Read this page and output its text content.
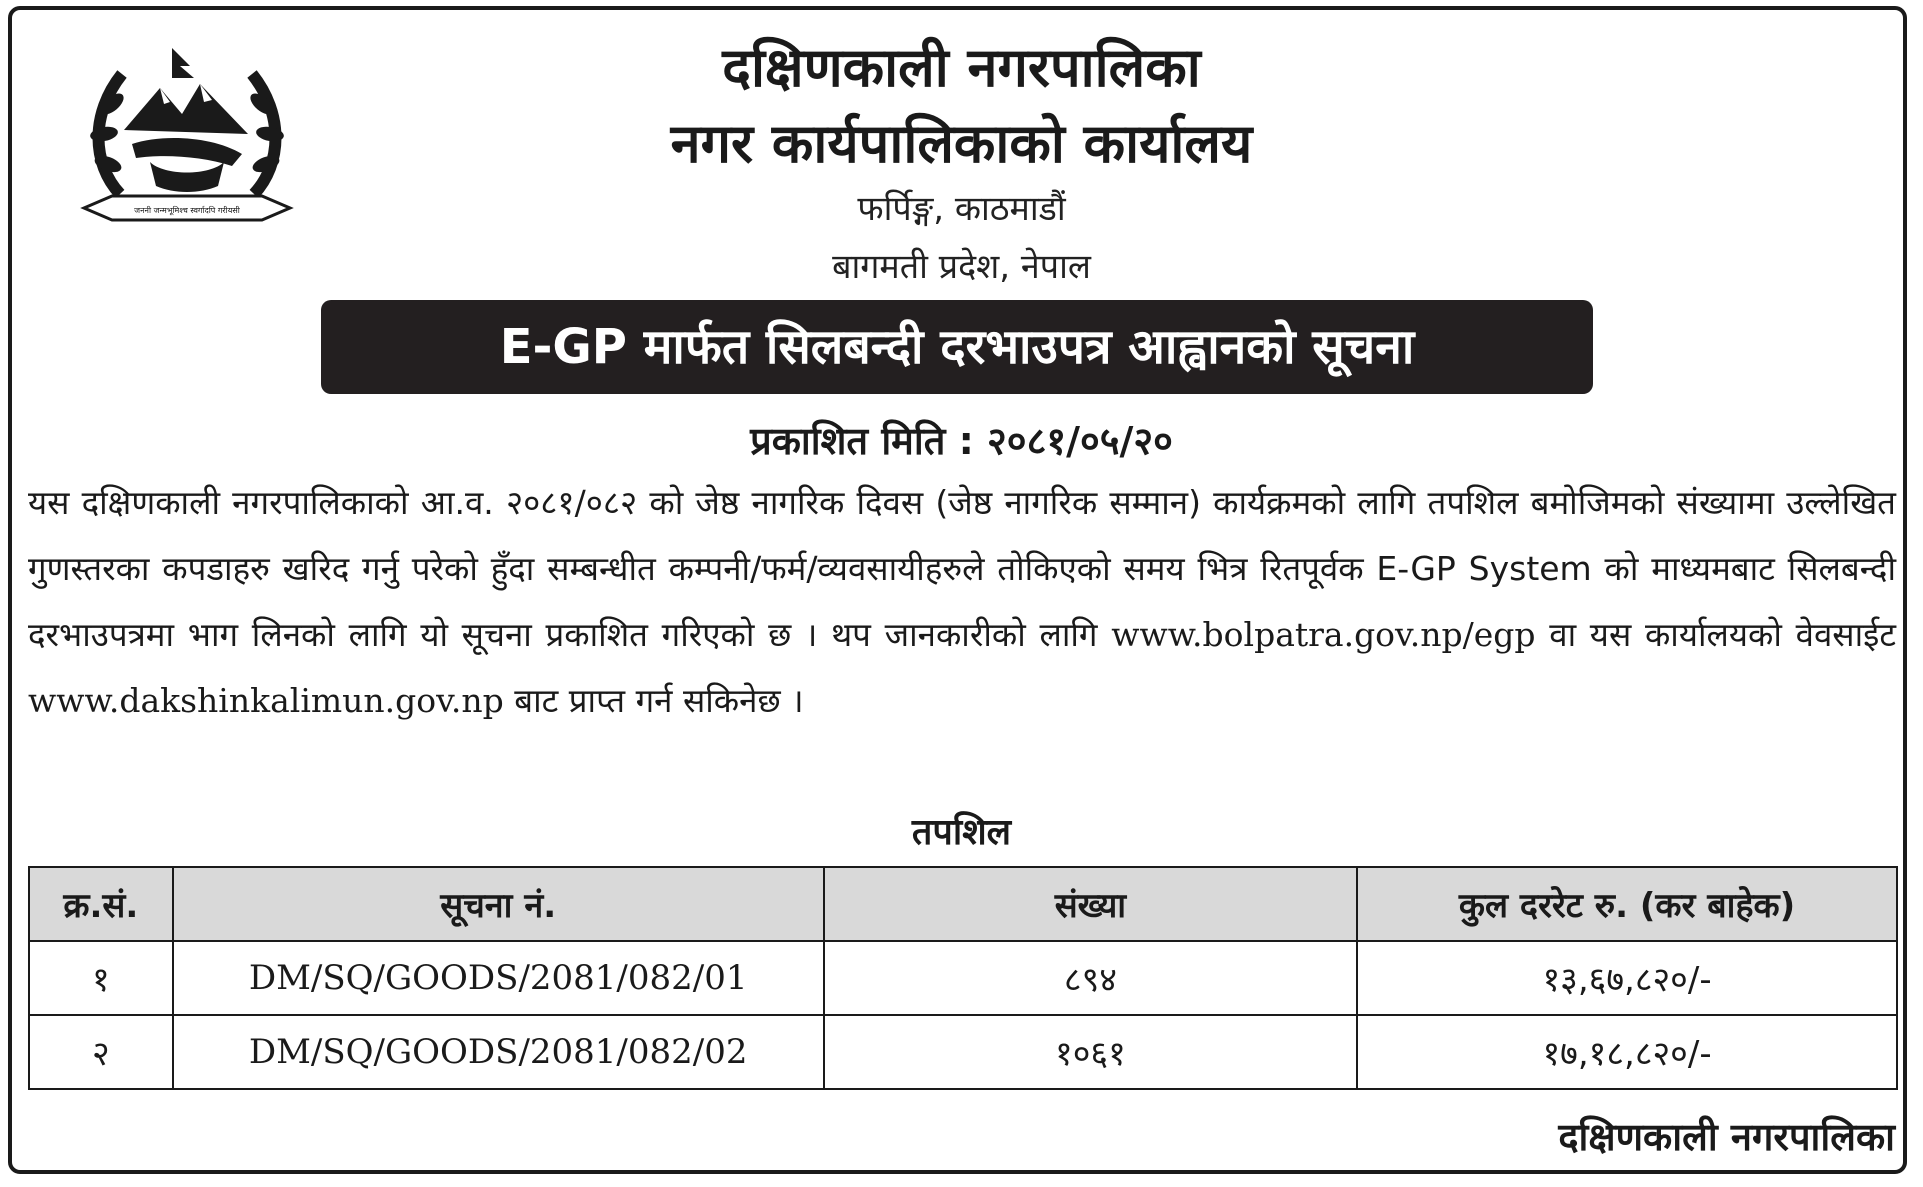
जननी जन्मभूमिश्च स्वर्गादपि गरीयसी
दक्षिणकाली नगरपालिका
नगर कार्यपालिकाको कार्यालय
फर्पिङ्ग, काठमाडौं
बागमती प्रदेश, नेपाल
E-GP मार्फत सिलबन्दी दरभाउपत्र आह्वानको सूचना
प्रकाशित मिति : २०८१/०५/२०
यस दक्षिणकाली नगरपालिकाको आ.व. २०८१/०८२ को जेष्ठ नागरिक दिवस (जेष्ठ नागरिक सम्मान) कार्यक्रमको लागि तपशिल बमोजिमको संख्यामा उल्लेखित गुणस्तरका कपडाहरु खरिद गर्नु परेको हुँदा सम्बन्धीत कम्पनी/फर्म/व्यवसायीहरुले तोकिएको समय भित्र रितपूर्वक E-GP System को माध्यमबाट सिलबन्दी दरभाउपत्रमा भाग लिनको लागि यो सूचना प्रकाशित गरिएको छ । थप जानकारीको लागि www.bolpatra.gov.np/egp वा यस कार्यालयको वेवसाईट www.dakshinkalimun.gov.np बाट प्राप्त गर्न सकिनेछ ।
तपशिल
क्र.सं.	सूचना नं.	संख्या	कुल दररेट रु. (कर बाहेक)
१	DM/SQ/GOODS/2081/082/01	८९४	१३,६७,८२०/-
२	DM/SQ/GOODS/2081/082/02	१०६१	१७,१८,८२०/-
दक्षिणकाली नगरपालिका
